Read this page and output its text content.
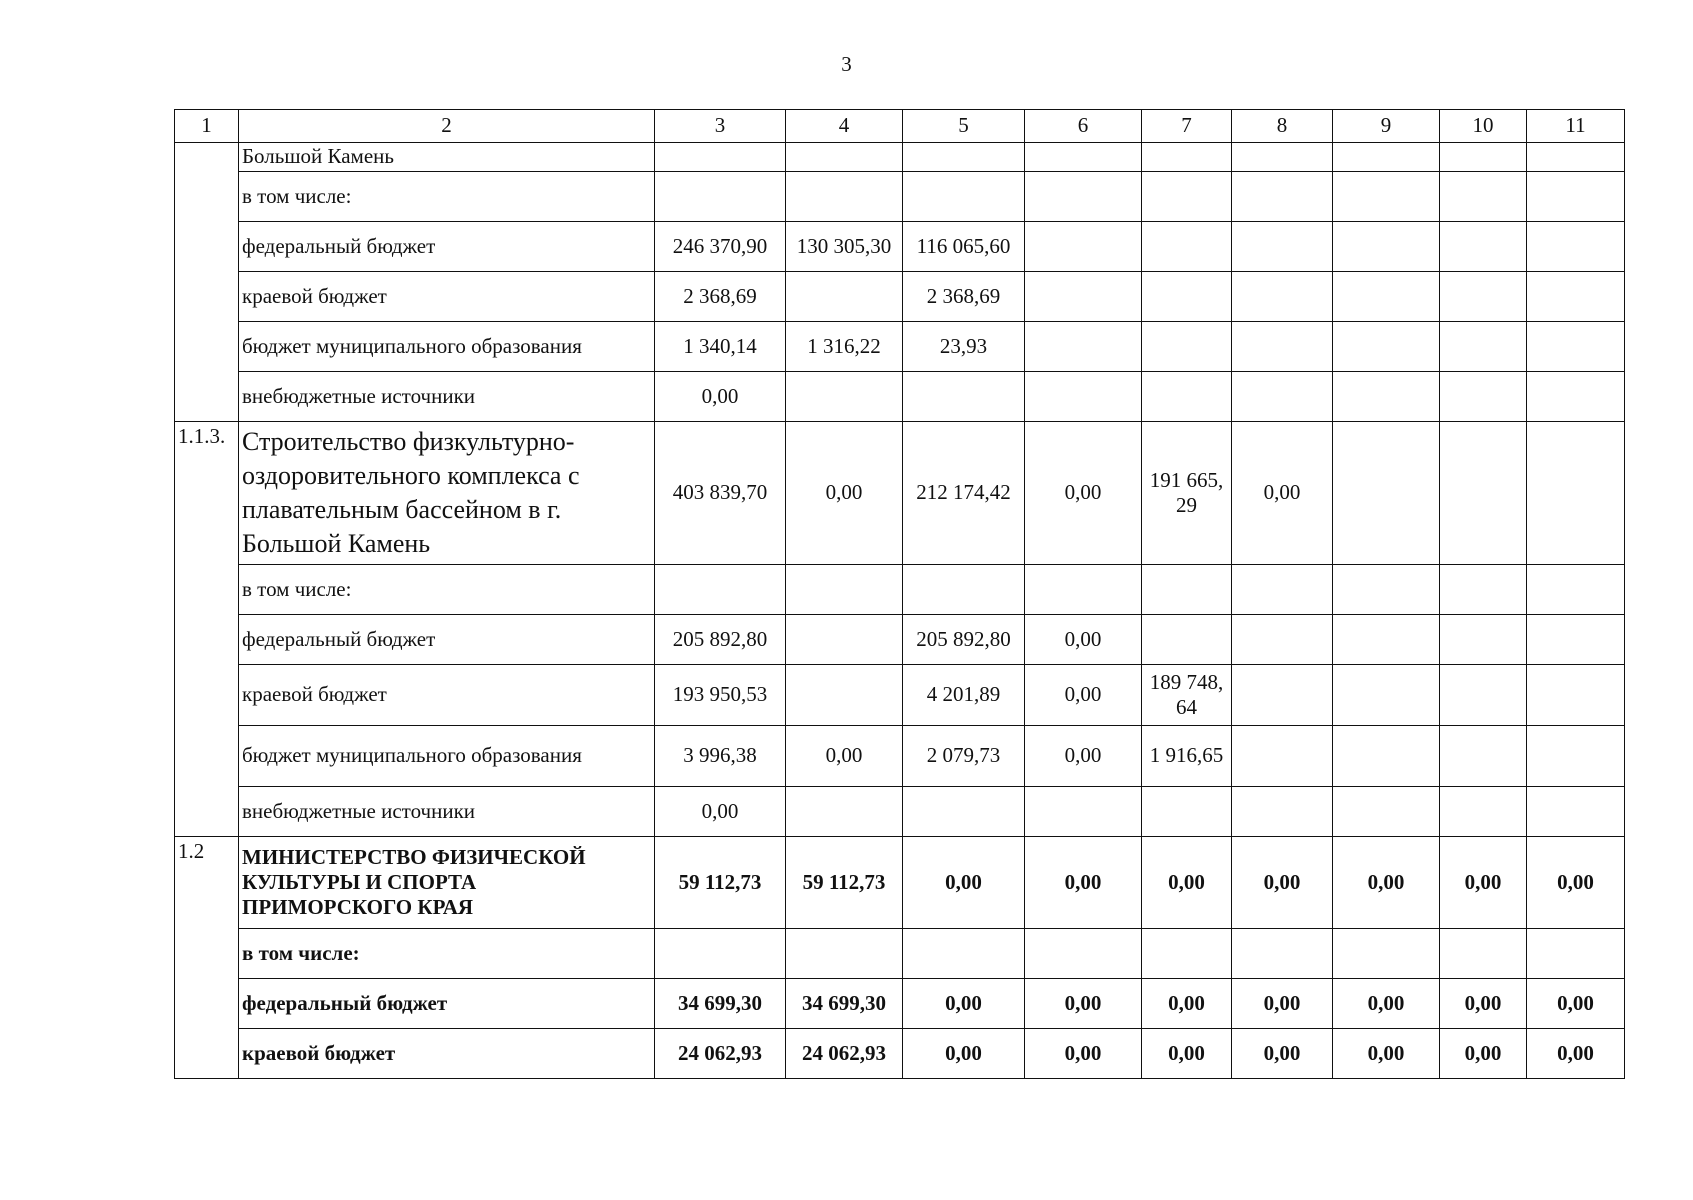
3
1	2	3	4	5	6	7	8	9	10	11
	Большой Камень									
	в том числе:									
	федеральный бюджет	246 370,90	130 305,30	116 065,60						
	краевой бюджет	2 368,69		2 368,69						
	бюджет муниципального образования	1 340,14	1 316,22	23,93						
	внебюджетные источники	0,00								
1.1.3.	Строительство физкультурно-оздоровительного комплекса с плавательным бассейном в г. Большой Камень	403 839,70	0,00	212 174,42	0,00	191 665,29	0,00			
	в том числе:									
	федеральный бюджет	205 892,80		205 892,80	0,00					
	краевой бюджет	193 950,53		4 201,89	0,00	189 748,64				
	бюджет муниципального образования	3 996,38	0,00	2 079,73	0,00	1 916,65				
	внебюджетные источники	0,00								
1.2	МИНИСТЕРСТВО ФИЗИЧЕСКОЙ КУЛЬТУРЫ И СПОРТА ПРИМОРСКОГО КРАЯ	59 112,73	59 112,73	0,00	0,00	0,00	0,00	0,00	0,00	0,00
	в том числе:									
	федеральный бюджет	34 699,30	34 699,30	0,00	0,00	0,00	0,00	0,00	0,00	0,00
	краевой бюджет	24 062,93	24 062,93	0,00	0,00	0,00	0,00	0,00	0,00	0,00
